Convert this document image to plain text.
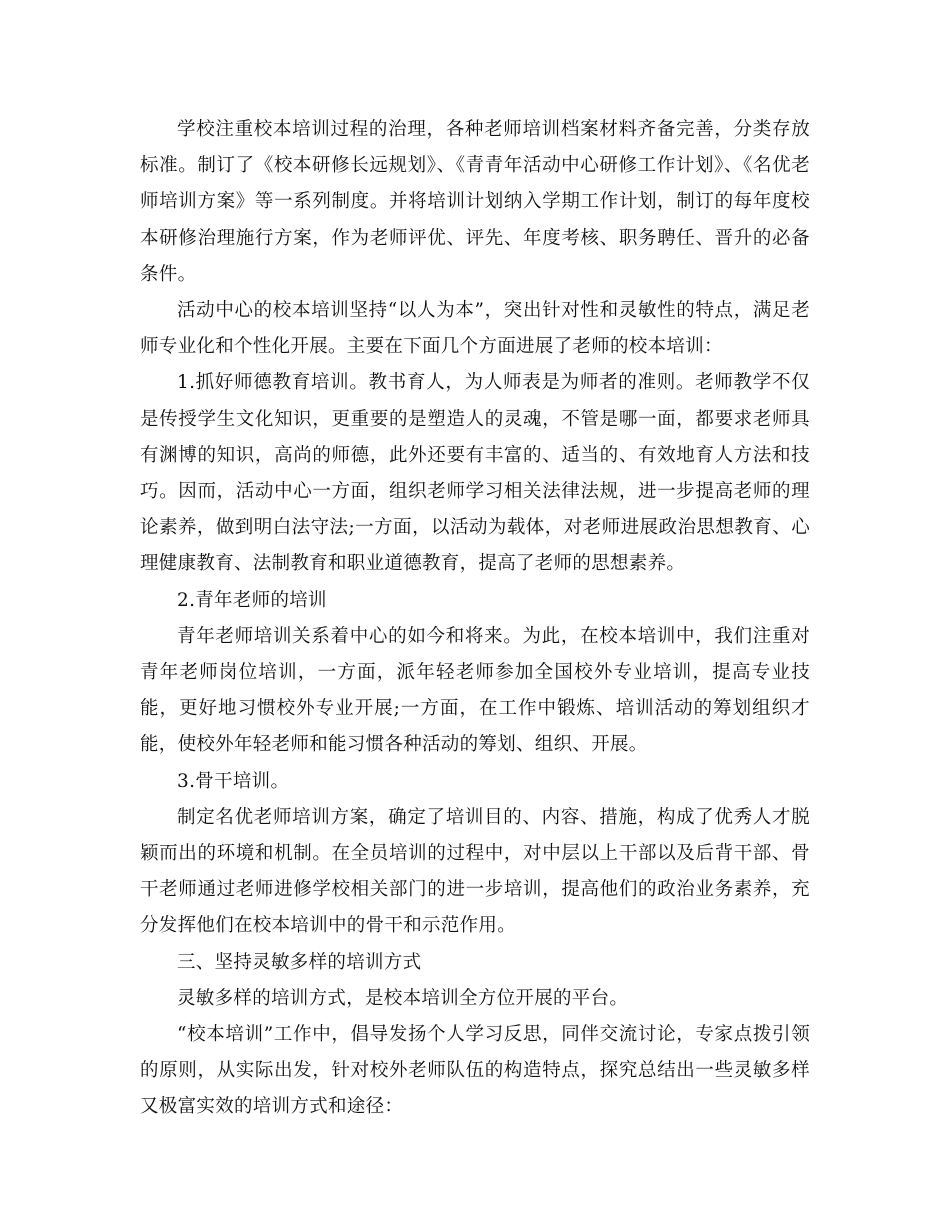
学校注重校本培训过程的治理，各种老师培训档案材料齐备完善，分类存放标准。制订了《校本研修长远规划》、《青青年活动中心研修工作计划》、《名优老师培训方案》等一系列制度。并将培训计划纳入学期工作计划，制订的每年度校本研修治理施行方案，作为老师评优、评先、年度考核、职务聘任、晋升的必备条件。

活动中心的校本培训坚持“以人为本”，突出针对性和灵敏性的特点，满足老师专业化和个性化开展。主要在下面几个方面进展了老师的校本培训：

1.抓好师德教育培训。教书育人，为人师表是为师者的准则。老师教学不仅是传授学生文化知识，更重要的是塑造人的灵魂，不管是哪一面，都要求老师具有渊博的知识，高尚的师德，此外还要有丰富的、适当的、有效地育人方法和技巧。因而，活动中心一方面，组织老师学习相关法律法规，进一步提高老师的理论素养，做到明白法守法;一方面，以活动为载体，对老师进展政治思想教育、心理健康教育、法制教育和职业道德教育，提高了老师的思想素养。

2.青年老师的培训

青年老师培训关系着中心的如今和将来。为此，在校本培训中，我们注重对青年老师岗位培训，一方面，派年轻老师参加全国校外专业培训，提高专业技能，更好地习惯校外专业开展;一方面，在工作中锻炼、培训活动的筹划组织才能，使校外年轻老师和能习惯各种活动的筹划、组织、开展。

3.骨干培训。

制定名优老师培训方案，确定了培训目的、内容、措施，构成了优秀人才脱颖而出的环境和机制。在全员培训的过程中，对中层以上干部以及后背干部、骨干老师通过老师进修学校相关部门的进一步培训，提高他们的政治业务素养，充分发挥他们在校本培训中的骨干和示范作用。

三、坚持灵敏多样的培训方式

灵敏多样的培训方式，是校本培训全方位开展的平台。

“校本培训”工作中，倡导发扬个人学习反思，同伴交流讨论，专家点拨引领的原则，从实际出发，针对校外老师队伍的构造特点，探究总结出一些灵敏多样又极富实效的培训方式和途径：
